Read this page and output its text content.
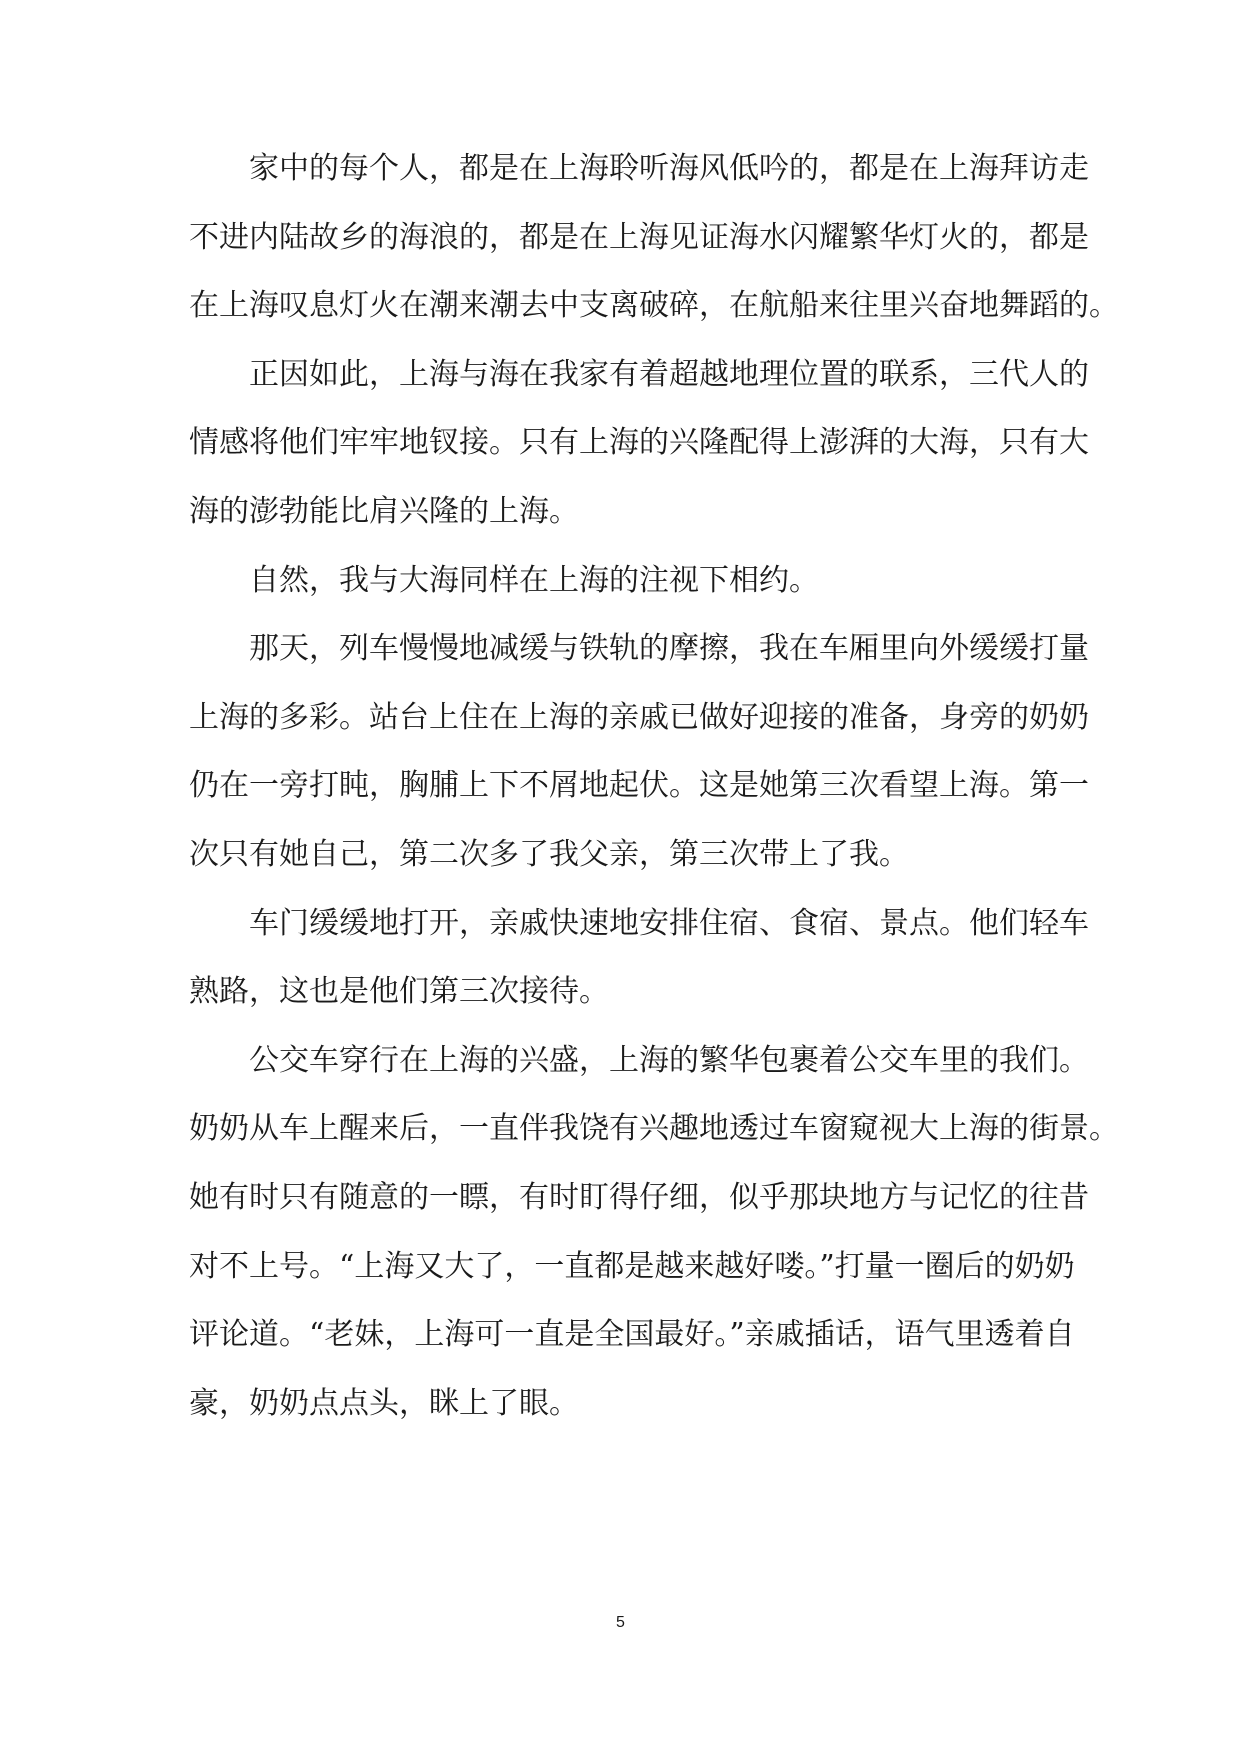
家中的每个人，都是在上海聆听海风低吟的，都是在上海拜访走
不进内陆故乡的海浪的，都是在上海见证海水闪耀繁华灯火的，都是
在上海叹息灯火在潮来潮去中支离破碎，在航船来往里兴奋地舞蹈的。
正因如此，上海与海在我家有着超越地理位置的联系，三代人的
情感将他们牢牢地钗接。只有上海的兴隆配得上澎湃的大海，只有大
海的澎勃能比肩兴隆的上海。
自然，我与大海同样在上海的注视下相约。
那天，列车慢慢地减缓与铁轨的摩擦，我在车厢里向外缓缓打量
上海的多彩。站台上住在上海的亲戚已做好迎接的准备，身旁的奶奶
仍在一旁打盹，胸脯上下不屑地起伏。这是她第三次看望上海。第一
次只有她自己，第二次多了我父亲，第三次带上了我。
车门缓缓地打开，亲戚快速地安排住宿、食宿、景点。他们轻车
熟路，这也是他们第三次接待。
公交车穿行在上海的兴盛，上海的繁华包裹着公交车里的我们。
奶奶从车上醒来后，一直伴我饶有兴趣地透过车窗窥视大上海的街景。
她有时只有随意的一瞟，有时盯得仔细，似乎那块地方与记忆的往昔
对不上号。“上海又大了，一直都是越来越好喽。”打量一圈后的奶奶
评论道。“老妹，上海可一直是全国最好。”亲戚插话，语气里透着自
豪，奶奶点点头，眯上了眼。
5
